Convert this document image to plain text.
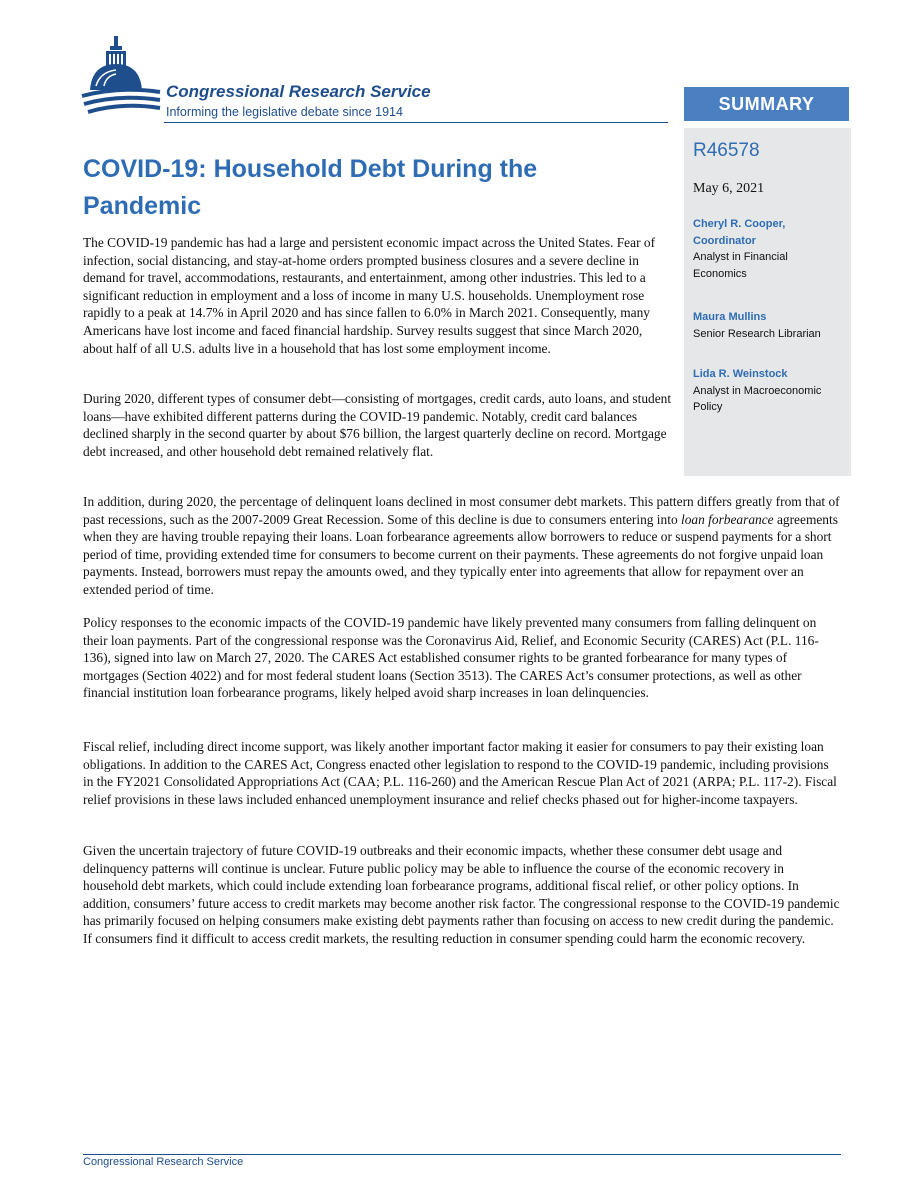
Congressional Research Service
Informing the legislative debate since 1914	SUMMARY
R46578
May 6, 2021
Cheryl R. Cooper,
Coordinator
Analyst in Financial
Economics
Maura Mullins
Senior Research Librarian
Lida R. Weinstock
Analyst in Macroeconomic
Policy
COVID-19: Household Debt During the Pandemic
The COVID-19 pandemic has had a large and persistent economic impact across the United States. Fear of infection, social distancing, and stay-at-home orders prompted business closures and a severe decline in demand for travel, accommodations, restaurants, and entertainment, among other industries. This led to a significant reduction in employment and a loss of income in many U.S. households. Unemployment rose rapidly to a peak at 14.7% in April 2020 and has since fallen to 6.0% in March 2021. Consequently, many Americans have lost income and faced financial hardship. Survey results suggest that since March 2020, about half of all U.S. adults live in a household that has lost some employment income.
During 2020, different types of consumer debt—consisting of mortgages, credit cards, auto loans, and student loans—have exhibited different patterns during the COVID-19 pandemic. Notably, credit card balances declined sharply in the second quarter by about $76 billion, the largest quarterly decline on record. Mortgage debt increased, and other household debt remained relatively flat.
In addition, during 2020, the percentage of delinquent loans declined in most consumer debt markets. This pattern differs greatly from that of past recessions, such as the 2007-2009 Great Recession. Some of this decline is due to consumers entering into loan forbearance agreements when they are having trouble repaying their loans. Loan forbearance agreements allow borrowers to reduce or suspend payments for a short period of time, providing extended time for consumers to become current on their payments. These agreements do not forgive unpaid loan payments. Instead, borrowers must repay the amounts owed, and they typically enter into agreements that allow for repayment over an extended period of time.
Policy responses to the economic impacts of the COVID-19 pandemic have likely prevented many consumers from falling delinquent on their loan payments. Part of the congressional response was the Coronavirus Aid, Relief, and Economic Security (CARES) Act (P.L. 116-136), signed into law on March 27, 2020. The CARES Act established consumer rights to be granted forbearance for many types of mortgages (Section 4022) and for most federal student loans (Section 3513). The CARES Act’s consumer protections, as well as other financial institution loan forbearance programs, likely helped avoid sharp increases in loan delinquencies.
Fiscal relief, including direct income support, was likely another important factor making it easier for consumers to pay their existing loan obligations. In addition to the CARES Act, Congress enacted other legislation to respond to the COVID-19 pandemic, including provisions in the FY2021 Consolidated Appropriations Act (CAA; P.L. 116-260) and the American Rescue Plan Act of 2021 (ARPA; P.L. 117-2). Fiscal relief provisions in these laws included enhanced unemployment insurance and relief checks phased out for higher-income taxpayers.
Given the uncertain trajectory of future COVID-19 outbreaks and their economic impacts, whether these consumer debt usage and delinquency patterns will continue is unclear. Future public policy may be able to influence the course of the economic recovery in household debt markets, which could include extending loan forbearance programs, additional fiscal relief, or other policy options. In addition, consumers’ future access to credit markets may become another risk factor. The congressional response to the COVID-19 pandemic has primarily focused on helping consumers make existing debt payments rather than focusing on access to new credit during the pandemic. If consumers find it difficult to access credit markets, the resulting reduction in consumer spending could harm the economic recovery.
Congressional Research Service
